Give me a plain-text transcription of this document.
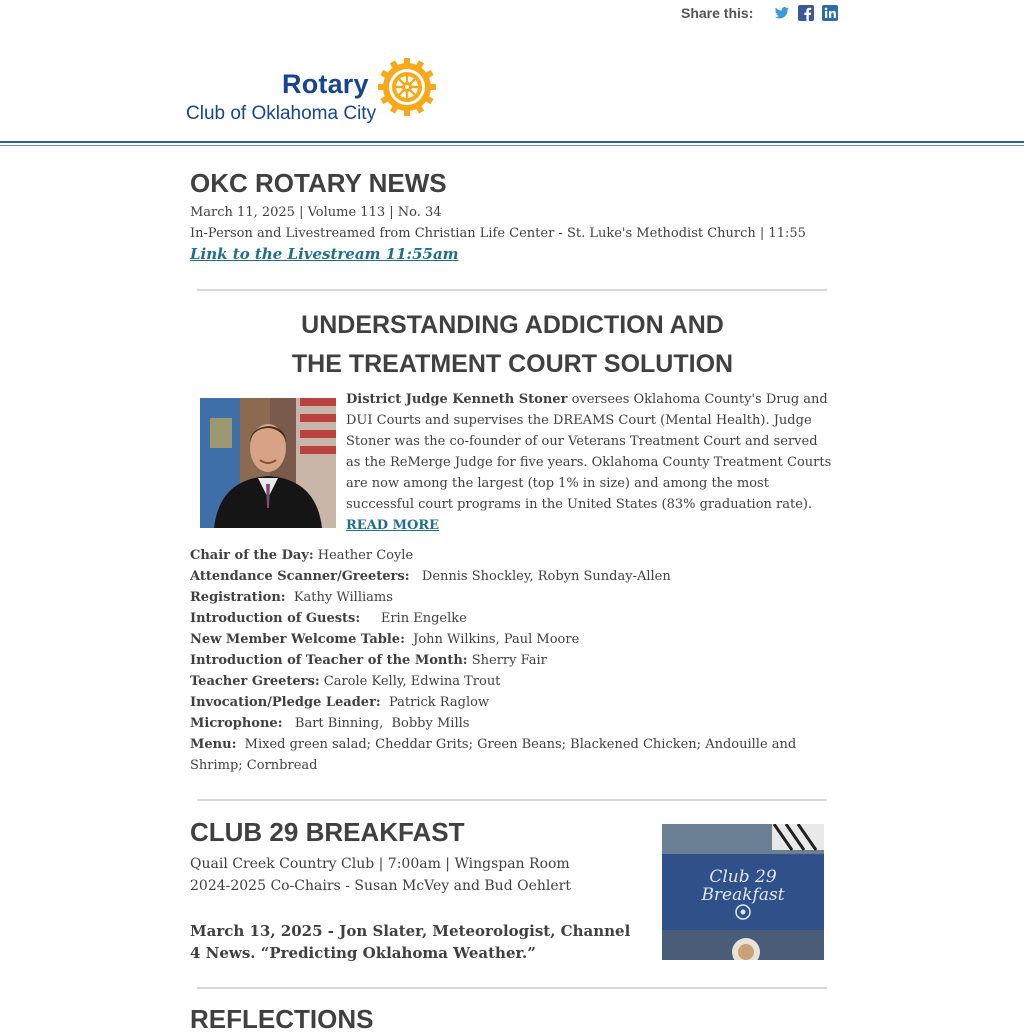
Share this:
Rotary
Club of Oklahoma City
OKC ROTARY NEWS
March 11, 2025 | Volume 113 | No. 34
In-Person and Livestreamed from Christian Life Center - St. Luke's Methodist Church | 11:55
Link to the Livestream 11:55am
UNDERSTANDING ADDICTION AND
THE TREATMENT COURT SOLUTION

District Judge Kenneth Stoner oversees Oklahoma County's Drug and DUI Courts and supervises the DREAMS Court (Mental Health). Judge Stoner was the co-founder of our Veterans Treatment Court and served as the ReMerge Judge for five years. Oklahoma County Treatment Courts are now among the largest (top 1% in size) and among the most successful court programs in the United States (83% graduation rate). READ MORE

Chair of the Day: Heather Coyle
Attendance Scanner/Greeters:   Dennis Shockley, Robyn Sunday-Allen
Registration:  Kathy Williams
Introduction of Guests:     Erin Engelke
New Member Welcome Table:  John Wilkins, Paul Moore
Introduction of Teacher of the Month: Sherry Fair
Teacher Greeters: Carole Kelly, Edwina Trout
Invocation/Pledge Leader:  Patrick Raglow
Microphone:   Bart Binning,  Bobby Mills
Menu:  Mixed green salad; Cheddar Grits; Green Beans; Blackened Chicken; Andouille and Shrimp; Cornbread
CLUB 29 BREAKFAST
Quail Creek Country Club | 7:00am | Wingspan Room
2024-2025 Co-Chairs - Susan McVey and Bud Oehlert

March 13, 2025 - Jon Slater, Meteorologist, Channel 4 News. “Predicting Oklahoma Weather.”

Club 29
Breakfast
REFLECTIONS
